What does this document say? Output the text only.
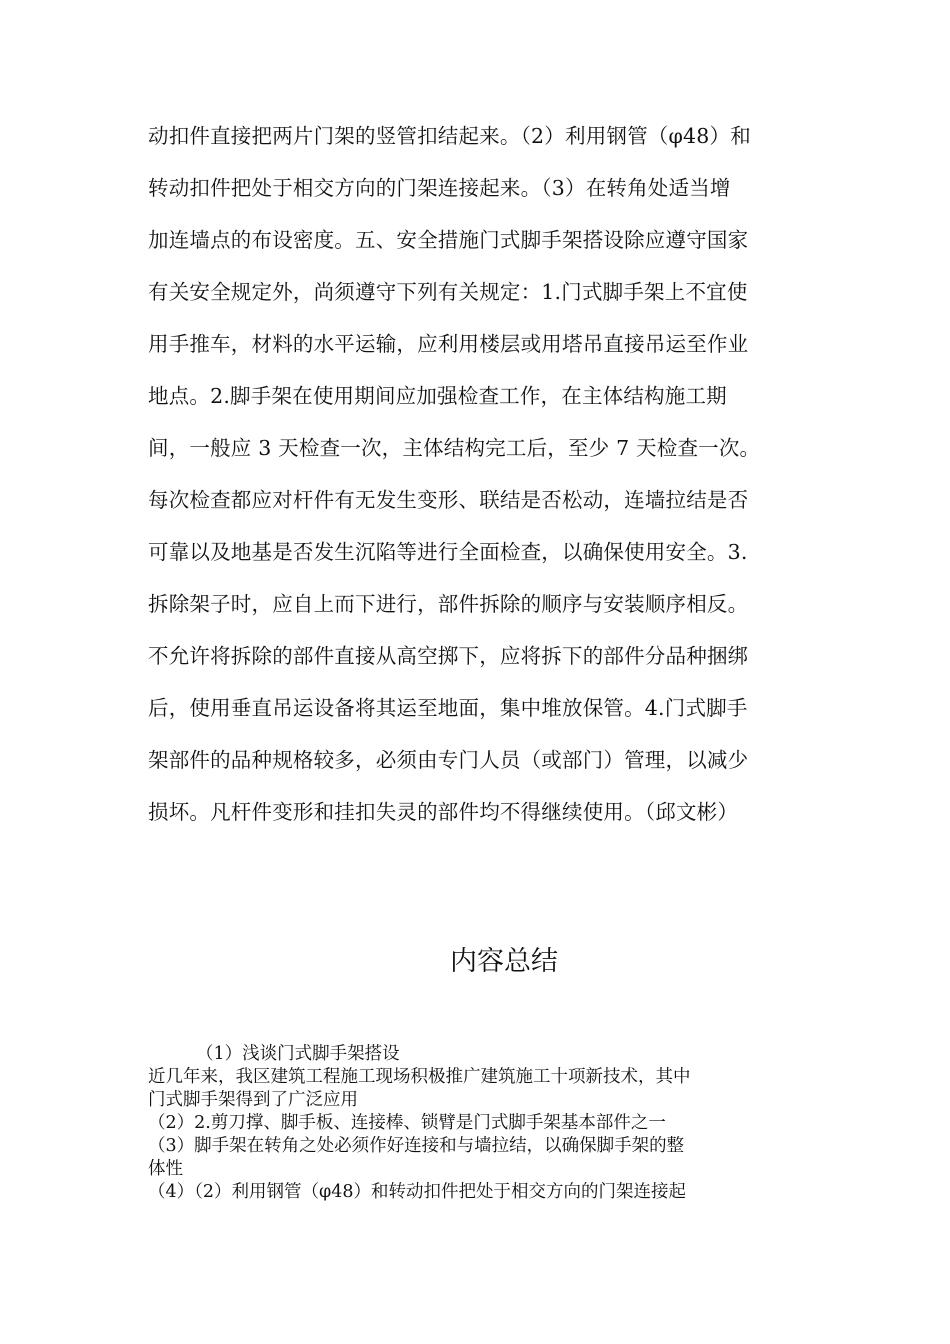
动扣件直接把两片门架的竖管扣结起来。（2）利用钢管（φ48）和
转动扣件把处于相交方向的门架连接起来。（3）在转角处适当增
加连墙点的布设密度。五、安全措施门式脚手架搭设除应遵守国家
有关安全规定外，尚须遵守下列有关规定：1.门式脚手架上不宜使
用手推车，材料的水平运输，应利用楼层或用塔吊直接吊运至作业
地点。2.脚手架在使用期间应加强检查工作，在主体结构施工期
间，一般应 3 天检查一次，主体结构完工后，至少 7 天检查一次。
每次检查都应对杆件有无发生变形、联结是否松动，连墙拉结是否
可靠以及地基是否发生沉陷等进行全面检查，以确保使用安全。3.
拆除架子时，应自上而下进行，部件拆除的顺序与安装顺序相反。
不允许将拆除的部件直接从高空掷下，应将拆下的部件分品种捆绑
后，使用垂直吊运设备将其运至地面，集中堆放保管。4.门式脚手
架部件的品种规格较多，必须由专门人员（或部门）管理，以减少
损坏。凡杆件变形和挂扣失灵的部件均不得继续使用。（邱文彬）
内容总结
（1）浅谈门式脚手架搭设
近几年来，我区建筑工程施工现场积极推广建筑施工十项新技术，其中
门式脚手架得到了广泛应用
（2）2.剪刀撑、脚手板、连接棒、锁臂是门式脚手架基本部件之一
（3）脚手架在转角之处必须作好连接和与墙拉结，以确保脚手架的整
体性
（4）（2）利用钢管（φ48）和转动扣件把处于相交方向的门架连接起
